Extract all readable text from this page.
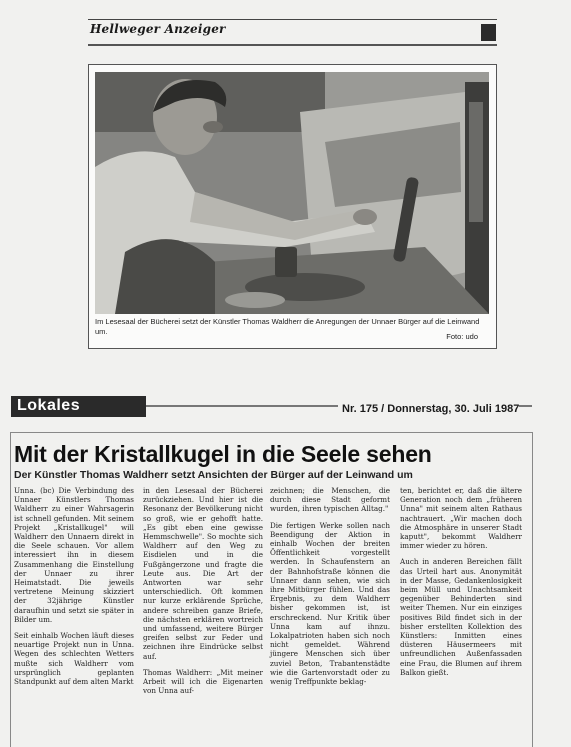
Hellweger Anzeiger
Im Lesesaal der Bücherei setzt der Künstler Thomas Waldherr die Anregungen der Unnaer Bürger auf die Leinwand um.
Foto: udo
Lokales	Nr. 175 / Donnerstag, 30. Juli 1987
Mit der Kristallkugel in die Seele sehen
Der Künstler Thomas Waldherr setzt Ansichten der Bürger auf der Leinwand um

Unna. (bc) Die Verbindung des Unnaer Künstlers Thomas Waldherr zu einer Wahrsagerin ist schnell gefunden. Mit seinem Projekt „Kristallkugel" will Waldherr den Unnaern direkt in die Seele schauen. Vor allem interessiert ihn in diesem Zusammenhang die Einstellung der Unnaer zu ihrer Heimatstadt. Die jeweils vertretene Meinung skizziert der 32jährige Künstler daraufhin und setzt sie später in Bilder um.

Seit einhalb Wochen läuft dieses neuartige Projekt nun in Unna. Wegen des schlechten Wetters mußte sich Waldherr vom ursprünglich geplanten Standpunkt auf dem alten Markt

in den Lesesaal der Bücherei zurückziehen. Und hier ist die Resonanz der Bevölkerung nicht so groß, wie er gehofft hatte. „Es gibt eben eine gewisse Hemmschwelle". So mochte sich Waldherr auf den Weg zu Eisdielen und in die Fußgängerzone und fragte die Leute aus. Die Art der Antworten war sehr unterschiedlich. Oft kommen nur kurze erklärende Sprüche, andere schreiben ganze Briefe, die nächsten erklären wortreich und umfassend, weitere Bürger greifen selbst zur Feder und zeichnen ihre Eindrücke selbst auf.

Thomas Waldherr: „Mit meiner Arbeit will ich die Eigenarten von Unna auf-

zeichnen; die Menschen, die durch diese Stadt geformt wurden, ihren typischen Alltag."

Die fertigen Werke sollen nach Beendigung der Aktion in einhalb Wochen der breiten Öffentlichkeit vorgestellt werden. In Schaufenstern an der Bahnhofstraße können die Unnaer dann sehen, wie sich ihre Mitbürger fühlen. Und das Ergebnis, zu dem Waldherr bisher gekommen ist, ist erschreckend. Nur Kritik über Unna kam auf ihnzu. Lokalpatrioten haben sich noch nicht gemeldet. Während jüngere Menschen sich über zuviel Beton, Trabantenstädte wie die Gartenvorstadt oder zu wenig Treffpunkte beklag-

ten, berichtet er, daß die ältere Generation noch dem „früheren Unna" mit seinem alten Rathaus nachtrauert. „Wir machen doch die Atmosphäre in unserer Stadt kaputt", bekommt Waldherr immer wieder zu hören.

Auch in anderen Bereichen fällt das Urteil hart aus. Anonymität in der Masse, Gedankenlosigkeit beim Müll und Unachtsamkeit gegenüber Behinderten sind weiter Themen. Nur ein einziges positives Bild findet sich in der bisher erstellten Kollektion des Künstlers: Inmitten eines düsteren Häusermeers mit unfreundlichen Außenfassaden eine Frau, die Blumen auf ihrem Balkon gießt.
